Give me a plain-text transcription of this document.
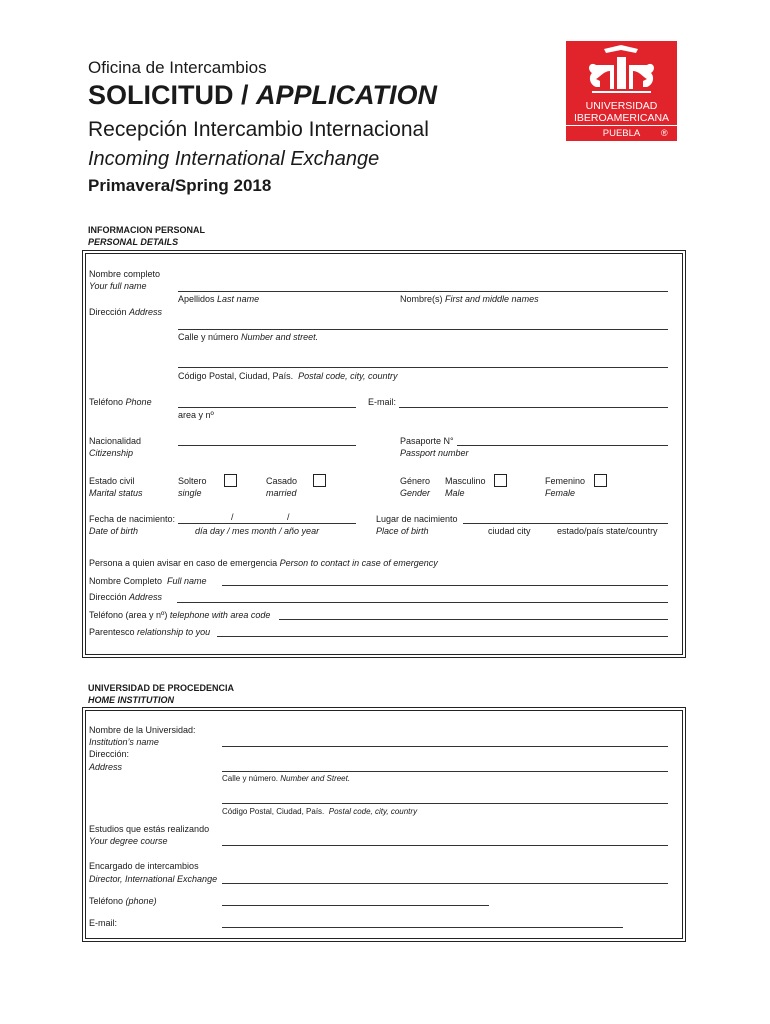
Oficina de Intercambios
SOLICITUD / APPLICATION
Recepción Intercambio Internacional
Incoming International Exchange
Primavera/Spring 2018
UNIVERSIDAD
IBEROAMERICANA
PUEBLA	®
INFORMACION PERSONAL
PERSONAL DETAILS
Nombre completo
Your full name
Apellidos Last name	Nombre(s) First and middle names
Dirección Address
Calle y número Number and street.
Código Postal, Ciudad, País. Postal code, city, country
Teléfono Phone
area y nº
E-mail:
Nacionalidad
Citizenship
Pasaporte N°
Passport number
Estado civil
Marital status
Soltero
single
Casado
married
Género
Gender
Masculino
Male
Femenino
Female
Fecha de nacimiento:
Date of birth
/	/
día day / mes month / año year
Lugar de nacimiento
Place of birth	ciudad city	estado/país state/country
Persona a quien avisar en caso de emergencia Person to contact in case of emergency
Nombre Completo Full name
Dirección Address
Teléfono (area y nº) telephone with area code
Parentesco relationship to you
UNIVERSIDAD DE PROCEDENCIA
HOME INSTITUTION
Nombre de la Universidad:
Institution’s name
Dirección:
Address
Calle y número. Number and Street.
Código Postal, Ciudad, País. Postal code, city, country
Estudios que estás realizando
Your degree course
Encargado de intercambios
Director, International Exchange
Teléfono (phone)
E-mail:
